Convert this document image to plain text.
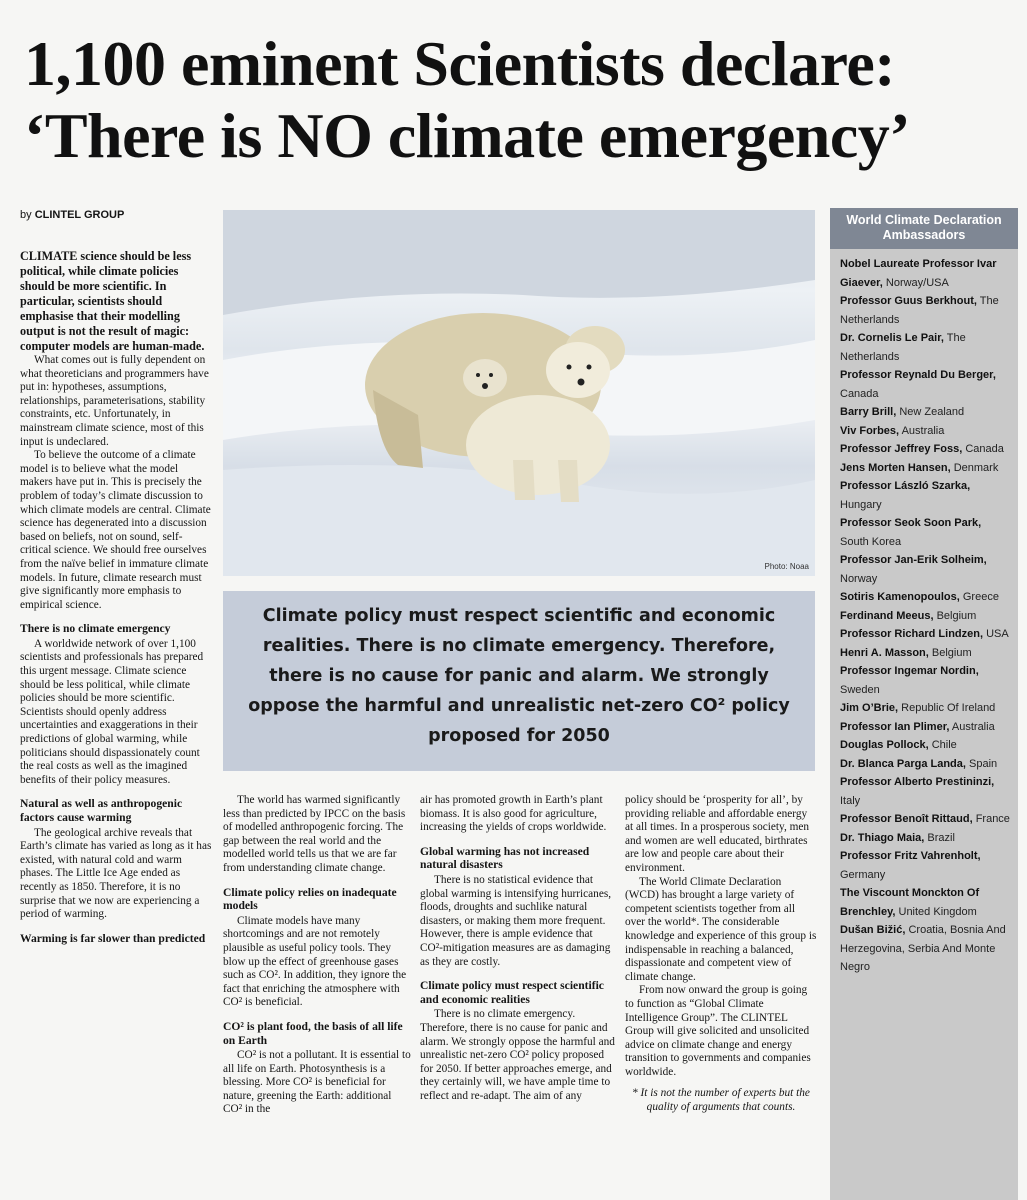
1,100 eminent Scientists declare:
‘There is NO climate emergency’
by CLINTEL GROUP

CLIMATE science should be less political, while climate policies should be more scientific. In particular, scientists should emphasise that their modelling output is not the result of magic: computer models are human-made.

What comes out is fully dependent on what theoreticians and programmers have put in: hypotheses, assumptions, relationships, parameterisations, stability constraints, etc. Unfortunately, in mainstream climate science, most of this input is undeclared.

To believe the outcome of a climate model is to believe what the model makers have put in. This is precisely the problem of today’s climate discussion to which climate models are central. Climate science has degenerated into a discussion based on beliefs, not on sound, self-critical science. We should free ourselves from the naïve belief in immature climate models. In future, climate research must give significantly more emphasis to empirical science.

There is no climate emergency

A worldwide network of over 1,100 scientists and professionals has prepared this urgent message. Climate science should be less political, while climate policies should be more scientific. Scientists should openly address uncertainties and exaggerations in their predictions of global warming, while politicians should dispassionately count the real costs as well as the imagined benefits of their policy measures.

Natural as well as anthropogenic factors cause warming

The geological archive reveals that Earth’s climate has varied as long as it has existed, with natural cold and warm phases. The Little Ice Age ended as recently as 1850. Therefore, it is no surprise that we now are experiencing a period of warming.

Warming is far slower than predicted
Photo: Noaa
Climate policy must respect scientific and economic realities. There is no climate emergency. Therefore, there is no cause for panic and alarm. We strongly oppose the harmful and unrealistic net-zero CO² policy proposed for 2050

The world has warmed significantly less than predicted by IPCC on the basis of modelled anthropogenic forcing. The gap between the real world and the modelled world tells us that we are far from understanding climate change.

Climate policy relies on inadequate models

Climate models have many shortcomings and are not remotely plausible as useful policy tools. They blow up the effect of greenhouse gases such as CO². In addition, they ignore the fact that enriching the atmosphere with CO² is beneficial.

CO² is plant food, the basis of all life on Earth

CO² is not a pollutant. It is essential to all life on Earth. Photosynthesis is a blessing. More CO² is beneficial for nature, greening the Earth: additional CO² in the

air has promoted growth in Earth’s plant biomass. It is also good for agriculture, increasing the yields of crops worldwide.

Global warming has not increased natural disasters

There is no statistical evidence that global warming is intensifying hurricanes, floods, droughts and suchlike natural disasters, or making them more frequent. However, there is ample evidence that CO²-mitigation measures are as damaging as they are costly.

Climate policy must respect scientific and economic realities

There is no climate emergency. Therefore, there is no cause for panic and alarm. We strongly oppose the harmful and unrealistic net-zero CO² policy proposed for 2050. If better approaches emerge, and they certainly will, we have ample time to reflect and re-adapt. The aim of any

policy should be ‘prosperity for all’, by providing reliable and affordable energy at all times. In a prosperous society, men and women are well educated, birthrates are low and people care about their environment.

The World Climate Declaration (WCD) has brought a large variety of competent scientists together from all over the world*. The considerable knowledge and experience of this group is indispensable in reaching a balanced, dispassionate and competent view of climate change.

From now onward the group is going to function as “Global Climate Intelligence Group”. The CLINTEL Group will give solicited and unsolicited advice on climate change and energy transition to governments and companies worldwide.

* It is not the number of experts but the quality of arguments that counts.

World Climate Declaration Ambassadors
Nobel Laureate Professor Ivar Giaever, Norway/USA
Professor Guus Berkhout, The Netherlands
Dr. Cornelis Le Pair, The Netherlands
Professor Reynald Du Berger, Canada
Barry Brill, New Zealand
Viv Forbes, Australia
Professor Jeffrey Foss, Canada
Jens Morten Hansen, Denmark
Professor László Szarka, Hungary
Professor Seok Soon Park, South Korea
Professor Jan-Erik Solheim, Norway
Sotiris Kamenopoulos, Greece
Ferdinand Meeus, Belgium
Professor Richard Lindzen, USA
Henri A. Masson, Belgium
Professor Ingemar Nordin, Sweden
Jim O’Brie, Republic Of Ireland
Professor Ian Plimer, Australia
Douglas Pollock, Chile
Dr. Blanca Parga Landa, Spain
Professor Alberto Prestininzi, Italy
Professor Benoît Rittaud, France
Dr. Thiago Maia, Brazil
Professor Fritz Vahrenholt, Germany
The Viscount Monckton Of Brenchley, United Kingdom
Dušan Bižić, Croatia, Bosnia And Herzegovina, Serbia And Monte Negro
